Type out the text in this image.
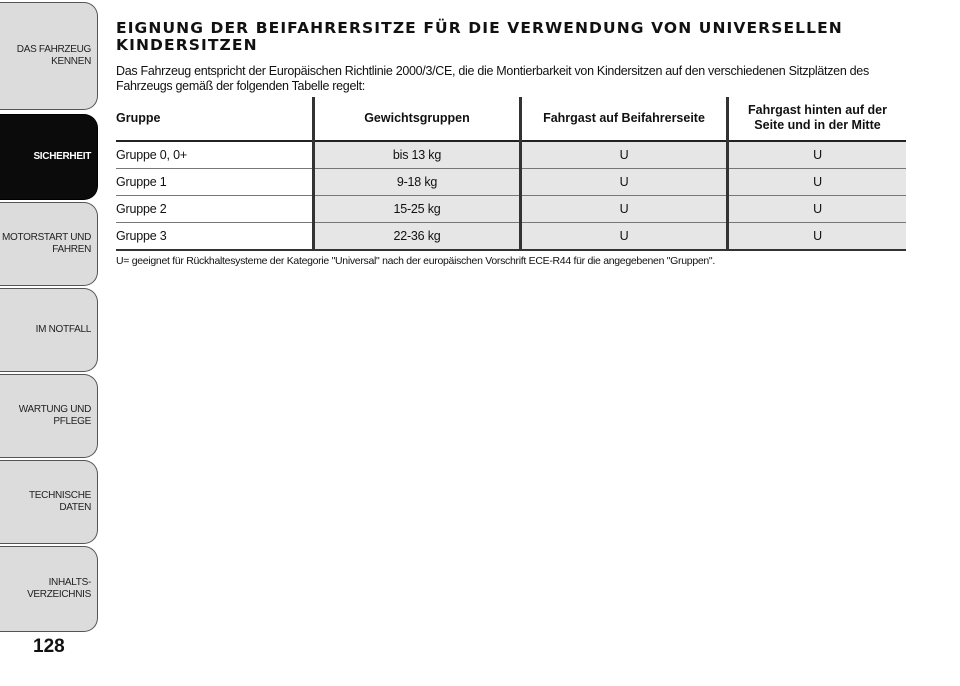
DAS FAHRZEUG
KENNEN
SICHERHEIT
MOTORSTART UND
FAHREN
IM NOTFALL
WARTUNG UND
PFLEGE
TECHNISCHE DATEN
INHALTS-
VERZEICHNIS
128
EIGNUNG DER BEIFAHRERSITZE FÜR DIE VERWENDUNG VON UNIVERSELLEN KINDERSITZEN

Das Fahrzeug entspricht der Europäischen Richtlinie 2000/3/CE, die die Montierbarkeit von Kindersitzen auf den verschiedenen Sitzplätzen des Fahrzeugs gemäß der folgenden Tabelle regelt:

Gruppe	Gewichtsgruppen	Fahrgast auf Beifahrerseite	Fahrgast hinten auf der Seite und in der Mitte
Gruppe 0, 0+	bis 13 kg	U	U
Gruppe 1	9-18 kg	U	U
Gruppe 2	15-25 kg	U	U
Gruppe 3	22-36 kg	U	U
U= geeignet für Rückhaltesysteme der Kategorie "Universal" nach der europäischen Vorschrift ECE-R44 für die angegebenen "Gruppen".
